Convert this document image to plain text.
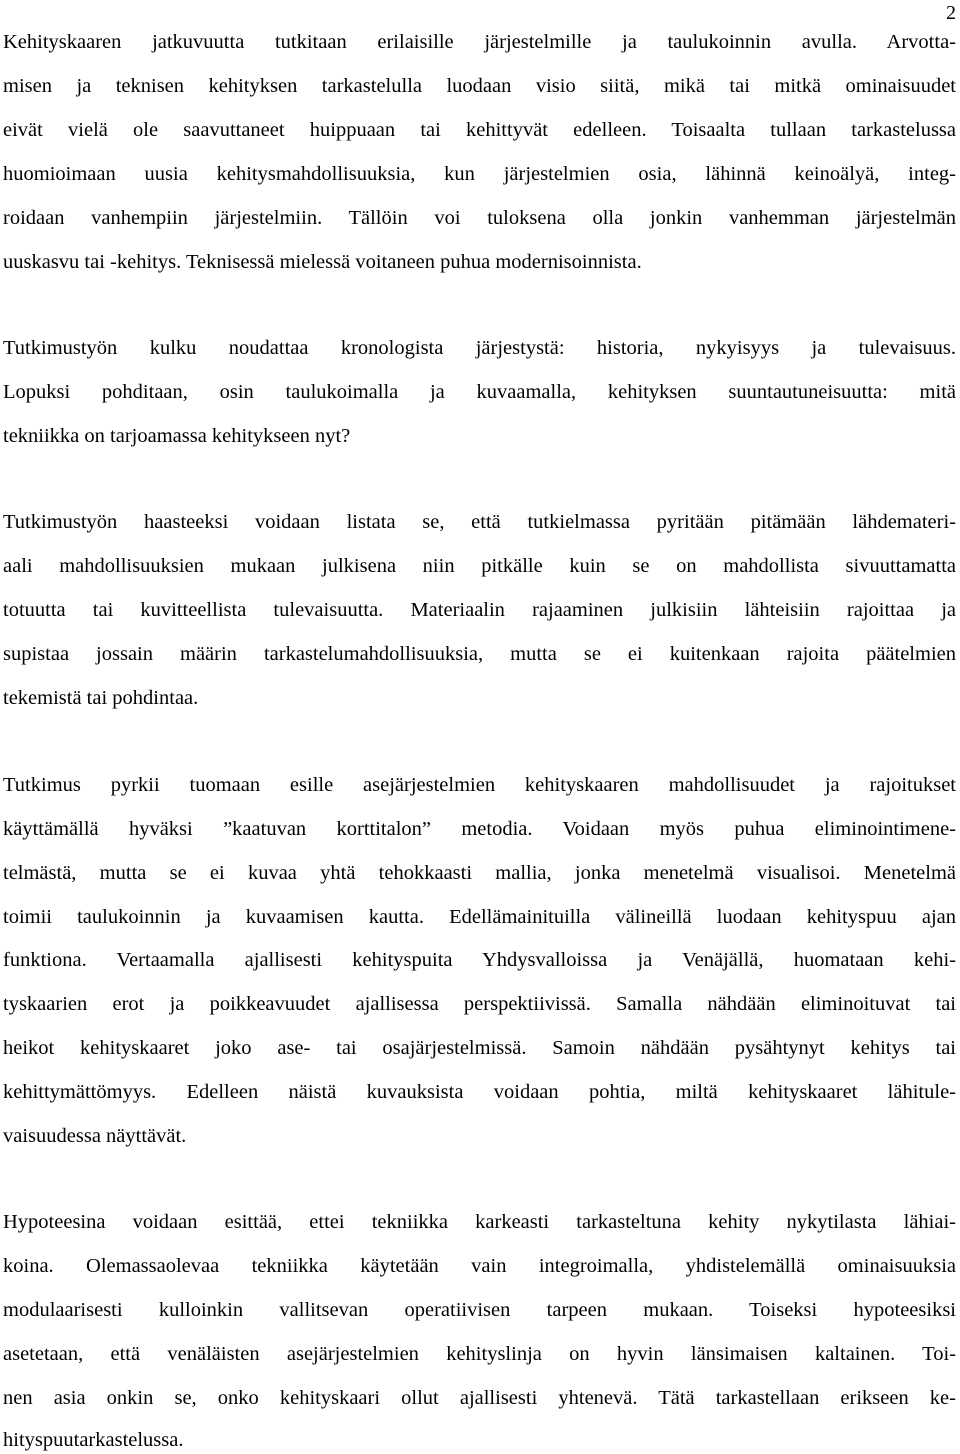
2
Kehityskaaren jatkuvuutta tutkitaan erilaisille järjestelmille ja taulukoinnin avulla. Arvotta-
misen ja teknisen kehityksen tarkastelulla luodaan visio siitä, mikä tai mitkä ominaisuudet
eivät vielä ole saavuttaneet huippuaan tai kehittyvät edelleen. Toisaalta tullaan tarkastelussa
huomioimaan uusia kehitysmahdollisuuksia, kun järjestelmien osia, lähinnä keinoälyä, integ-
roidaan vanhempiin järjestelmiin. Tällöin voi tuloksena olla jonkin vanhemman järjestelmän
uuskasvu tai -kehitys. Teknisessä mielessä voitaneen puhua modernisoinnista.
Tutkimustyön kulku noudattaa kronologista järjestystä: historia, nykyisyys ja tulevaisuus.
Lopuksi pohditaan, osin taulukoimalla ja kuvaamalla, kehityksen suuntautuneisuutta: mitä
tekniikka on tarjoamassa kehitykseen nyt?
Tutkimustyön haasteeksi voidaan listata se, että tutkielmassa pyritään pitämään lähdemateri-
aali mahdollisuuksien mukaan julkisena niin pitkälle kuin se on mahdollista sivuuttamatta
totuutta tai kuvitteellista tulevaisuutta. Materiaalin rajaaminen julkisiin lähteisiin rajoittaa ja
supistaa jossain määrin tarkastelumahdollisuuksia, mutta se ei kuitenkaan rajoita päätelmien
tekemistä tai pohdintaa.
Tutkimus pyrkii tuomaan esille asejärjestelmien kehityskaaren mahdollisuudet ja rajoitukset
käyttämällä hyväksi ”kaatuvan korttitalon” metodia. Voidaan myös puhua eliminointimene-
telmästä, mutta se ei kuvaa yhtä tehokkaasti mallia, jonka menetelmä visualisoi. Menetelmä
toimii taulukoinnin ja kuvaamisen kautta. Edellämainituilla välineillä luodaan kehityspuu ajan
funktiona. Vertaamalla ajallisesti kehityspuita Yhdysvalloissa ja Venäjällä, huomataan kehi-
tyskaarien erot ja poikkeavuudet ajallisessa perspektiivissä. Samalla nähdään eliminoituvat tai
heikot kehityskaaret joko ase- tai osajärjestelmissä. Samoin nähdään pysähtynyt kehitys tai
kehittymättömyys. Edelleen näistä kuvauksista voidaan pohtia, miltä kehityskaaret lähitule-
vaisuudessa näyttävät.
Hypoteesina voidaan esittää, ettei tekniikka karkeasti tarkasteltuna kehity nykytilasta lähiai-
koina. Olemassaolevaa tekniikka käytetään vain integroimalla, yhdistelemällä ominaisuuksia
modulaarisesti kulloinkin vallitsevan operatiivisen tarpeen mukaan. Toiseksi hypoteesiksi
asetetaan, että venäläisten asejärjestelmien kehityslinja on hyvin länsimaisen kaltainen. Toi-
nen asia onkin se, onko kehityskaari ollut ajallisesti yhtenevä. Tätä tarkastellaan erikseen ke-
hityspuutarkastelussa.
